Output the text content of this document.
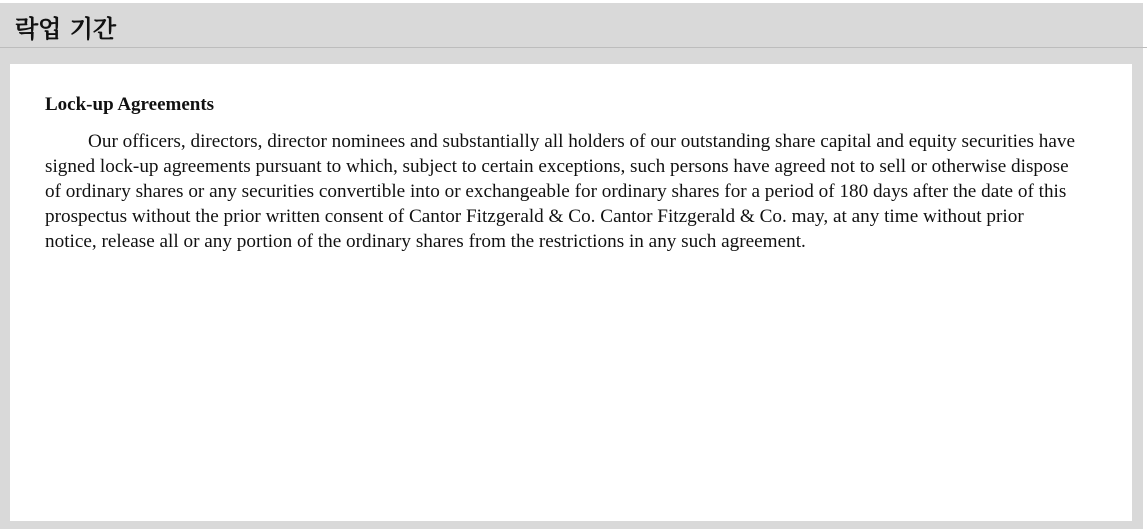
락업 기간
Lock-up Agreements

Our officers, directors, director nominees and substantially all holders of our outstanding share capital and equity securities have signed lock-up agreements pursuant to which, subject to certain exceptions, such persons have agreed not to sell or otherwise dispose of ordinary shares or any securities convertible into or exchangeable for ordinary shares for a period of 180 days after the date of this prospectus without the prior written consent of Cantor Fitzgerald & Co. Cantor Fitzgerald & Co. may, at any time without prior notice, release all or any portion of the ordinary shares from the restrictions in any such agreement.
